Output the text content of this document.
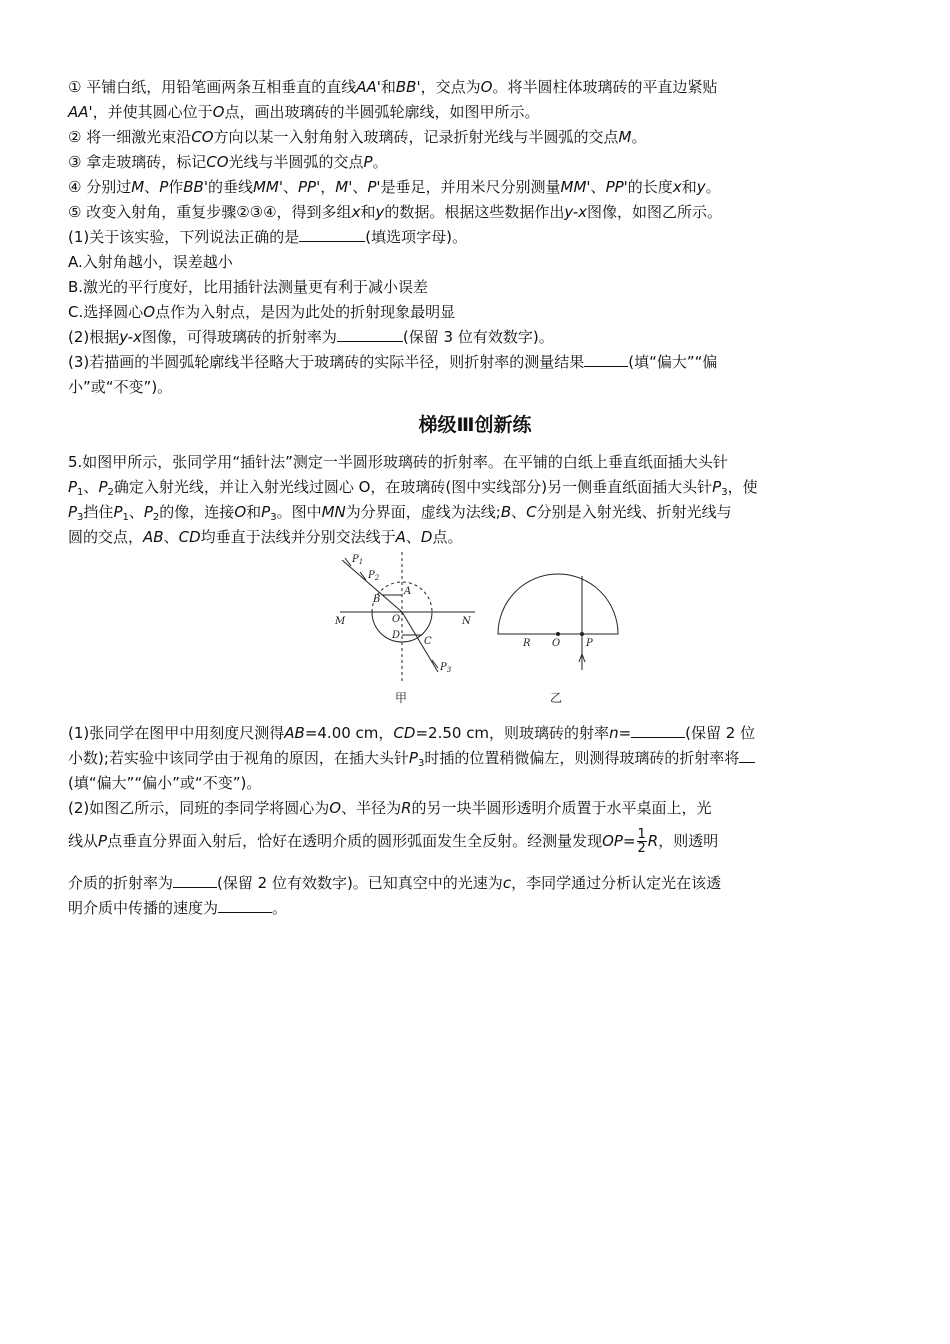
① 平铺白纸，用铅笔画两条互相垂直的直线AA'和BB'，交点为O。将半圆柱体玻璃砖的平直边紧贴
AA'，并使其圆心位于O点，画出玻璃砖的半圆弧轮廓线，如图甲所示。
② 将一细激光束沿CO方向以某一入射角射入玻璃砖，记录折射光线与半圆弧的交点M。
③ 拿走玻璃砖，标记CO光线与半圆弧的交点P。
④ 分别过M、P作BB'的垂线MM'、PP'，M'、P'是垂足，并用米尺分别测量MM'、PP'的长度x和y。
⑤ 改变入射角，重复步骤②③④，得到多组x和y的数据。根据这些数据作出y-x图像，如图乙所示。
(1)关于该实验，下列说法正确的是	(填选项字母)。
A.入射角越小，误差越小
B.激光的平行度好，比用插针法测量更有利于减小误差
C.选择圆心O点作为入射点，是因为此处的折射现象最明显
(2)根据y-x图像，可得玻璃砖的折射率为	(保留 3 位有效数字)。
(3)若描画的半圆弧轮廓线半径略大于玻璃砖的实际半径，则折射率的测量结果	(填“偏大”“偏
小”或“不变”)。
梯级Ⅲ创新练
5.如图甲所示，张同学用“插针法”测定一半圆形玻璃砖的折射率。在平铺的白纸上垂直纸面插大头针
$P_1$、$P_2$确定入射光线，并让入射光线过圆心 O，在玻璃砖(图中实线部分)另一侧垂直纸面插大头针$P_3$，使
$P_3$挡住$P_1$、$P_2$的像，连接O和$P_3$。图中MN为分界面，虚线为法线;B、C分别是入射光线、折射光线与
圆的交点，AB、CD均垂直于法线并分别交法线于A、D点。
$P_1$
$P_2$
$P_3$
A
B
C
D
O
M	N
R O	P
甲	乙
(1)张同学在图甲中用刻度尺测得AB=4.00 cm，CD=2.50 cm，则玻璃砖的射率n=	(保留 2 位
小数);若实验中该同学由于视角的原因，在插大头针$P_3$时插的位置稍微偏左，则测得玻璃砖的折射率将
(填“偏大”“偏小”或“不变”)。
(2)如图乙所示，同班的李同学将圆心为O、半径为R的另一块半圆形透明介质置于水平桌面上，光
线从P点垂直分界面入射后，恰好在透明介质的圆形弧面发生全反射。经测量发现$OP= \frac{1}{2}$ R，则透明
介质的折射率为	(保留 2 位有效数字)。已知真空中的光速为c，李同学通过分析认定光在该透
明介质中传播的速度为	。
